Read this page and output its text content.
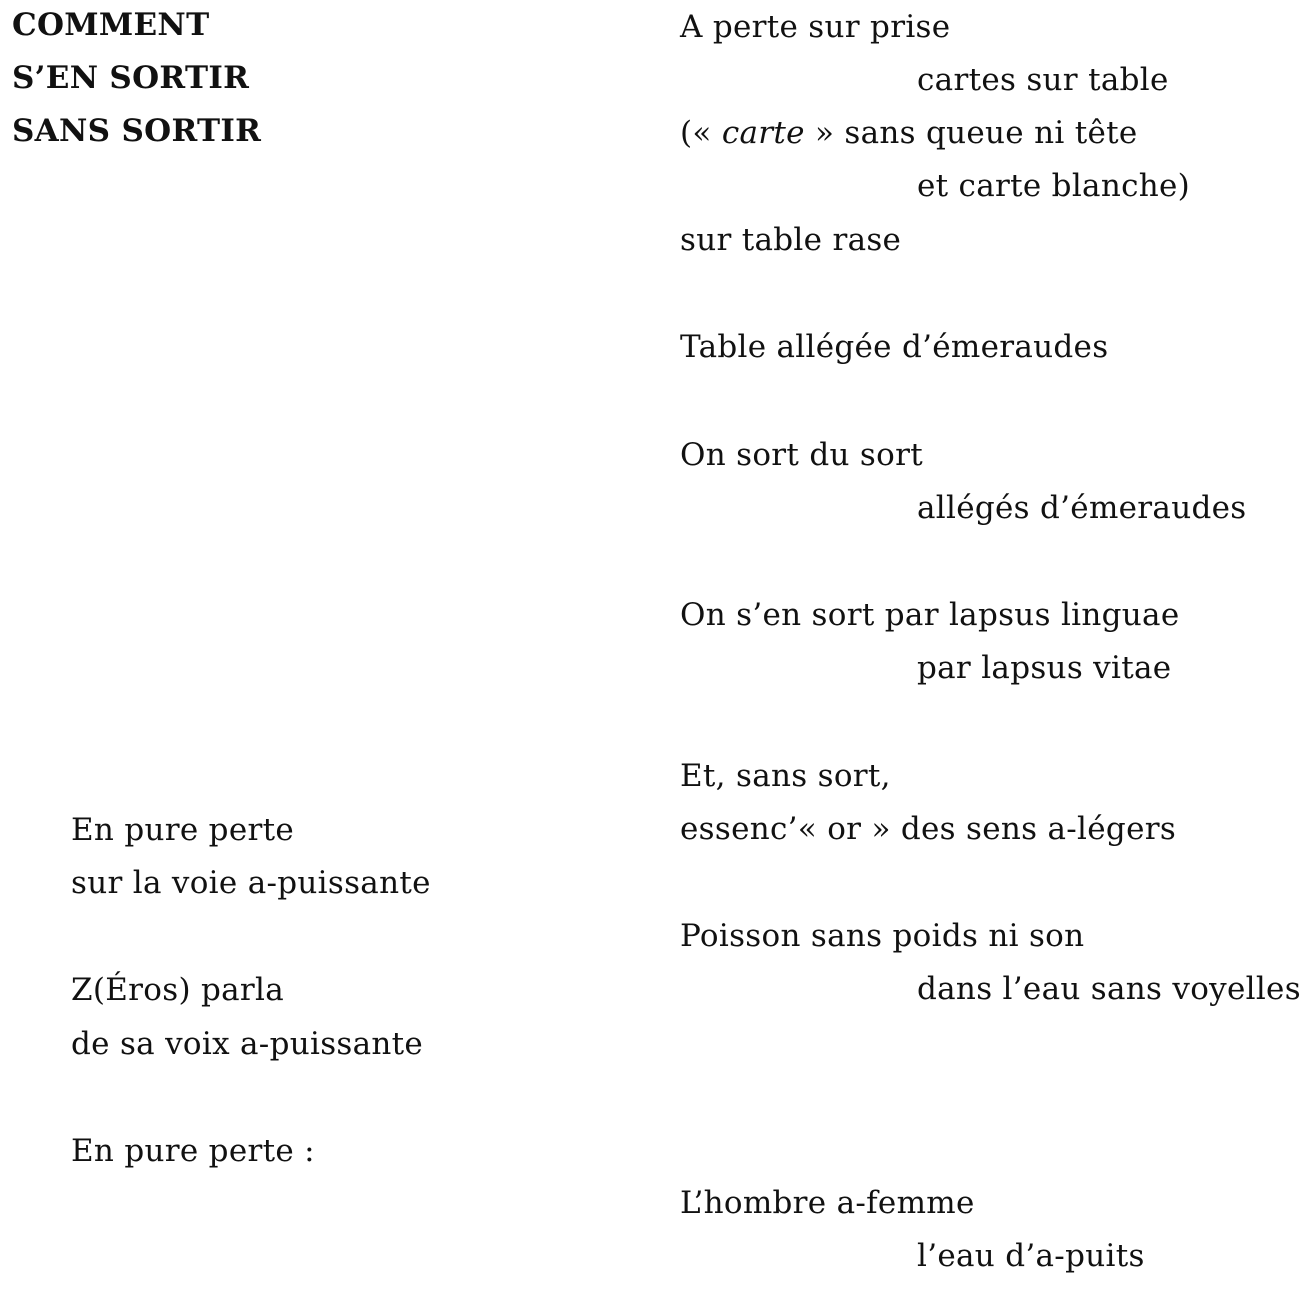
COMMENT
S’EN SORTIR
SANS SORTIR
A perte sur prise
cartes sur table
(« carte » sans queue ni tête
et carte blanche)
sur table rase
Table allégée d’émeraudes
On sort du sort
allégés d’émeraudes
On s’en sort par lapsus linguae
par lapsus vitae
Et, sans sort,
essenc’« or » des sens a-légers
Poisson sans poids ni son
dans l’eau sans voyelles
L’hombre a-femme
l’eau d’a-puits
En pure perte
sur la voie a-puissante
Z(Éros) parla
de sa voix a-puissante
En pure perte :
